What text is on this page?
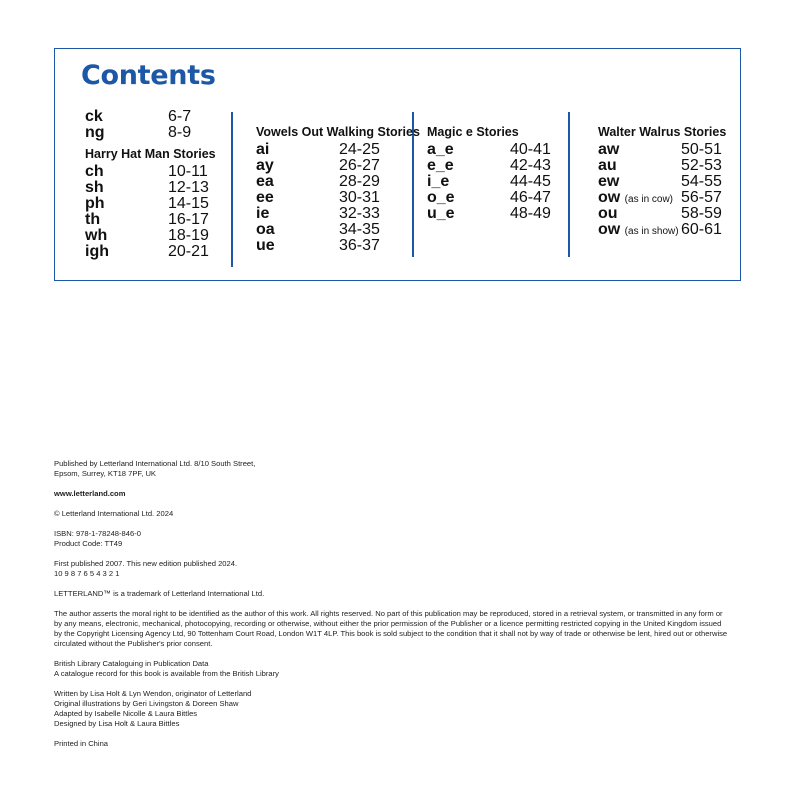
Contents
ck	6-7
ng	8-9
Harry Hat Man Stories
ch	10-11
sh	12-13
ph	14-15
th	16-17
wh	18-19
igh	20-21
Vowels Out Walking Stories
ai	24-25
ay	26-27
ea	28-29
ee	30-31
ie	32-33
oa	34-35
ue	36-37
Magic e Stories
a_e	40-41
e_e	42-43
i_e	44-45
o_e	46-47
u_e	48-49
Walter Walrus Stories
aw	50-51
au	52-53
ew	54-55
ow (as in cow) 56-57
ou	58-59
ow (as in show) 60-61

Published by Letterland International Ltd. 8/10 South Street,

Epsom, Surrey, KT18 7PF, UK

www.letterland.com

© Letterland International Ltd. 2024

ISBN: 978-1-78248-846-0

Product Code: TT49

First published 2007. This new edition published 2024.

10 9 8 7 6 5 4 3 2 1

LETTERLAND™ is a trademark of Letterland International Ltd.

The author asserts the moral right to be identified as the author of this work. All rights reserved. No part of this publication may be reproduced, stored in a retrieval system, or transmitted in any form or

by any means, electronic, mechanical, photocopying, recording or otherwise, without either the prior permission of the Publisher or a licence permitting restricted copying in the United Kingdom issued

by the Copyright Licensing Agency Ltd, 90 Tottenham Court Road, London W1T 4LP. This book is sold subject to the condition that it shall not by way of trade or otherwise be lent, hired out or otherwise

circulated without the Publisher's prior consent.

British Library Cataloguing in Publication Data

A catalogue record for this book is available from the British Library

Written by Lisa Holt & Lyn Wendon, originator of Letterland

Original illustrations by Geri Livingston & Doreen Shaw

Adapted by Isabelle Nicolle & Laura Bittles

Designed by Lisa Holt & Laura Bittles

Printed in China
